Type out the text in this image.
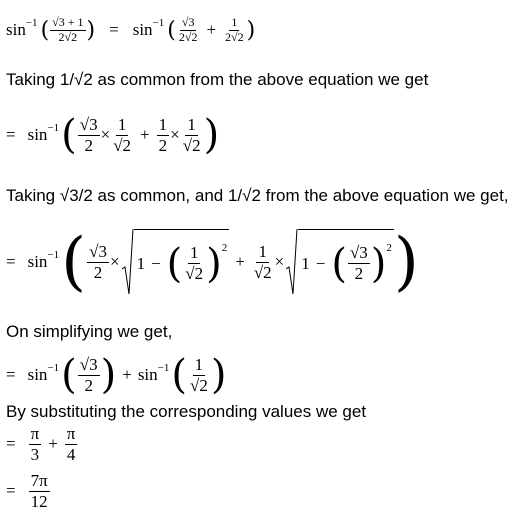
sin −1 ( $\frac{√3 + 1}{2√2}$ ) = sin −1 ( $\frac{√3}{2√2} + \frac{1}{2√2}$ )
Taking 1/√2 as common from the above equation we get
= sin −1 ( $\frac{√3}{2} \times \frac{1}{√2} + \frac{1}{2} \times \frac{1}{√2}$ )
Taking √3/2 as common, and 1/√2 from the above equation we get,
= sin −1 ( $\frac{√3}{2} \times 1$ − ( $\frac{1}{√2}$ ) 2
+ $\frac{1}{√2} \times 1$ − ( $\frac{√3}{2}$ ) 2 )
On simplifying we get,
= sin −1 ( $\frac{√3}{2}$ ) + sin −1 ( $\frac{1}{√2}$ )
By substituting the corresponding values we get
= $\frac{\pi}{3} + \frac{\pi}{4}$
= $\frac{7\pi}{12}$
